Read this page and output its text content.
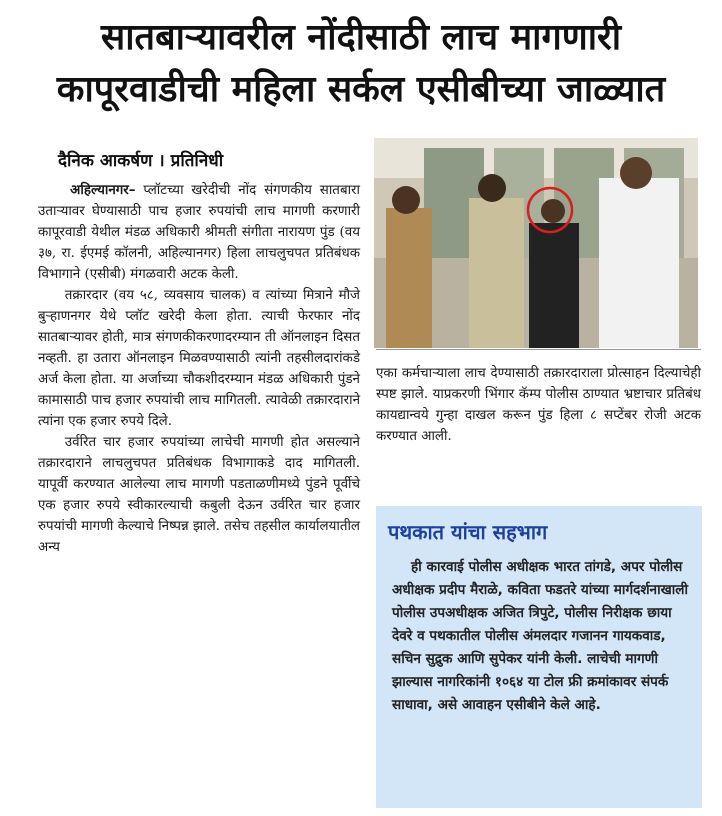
सातबाऱ्यावरील नोंदीसाठी लाच मागणारी
कापूरवाडीची महिला सर्कल एसीबीच्या जाळ्यात
दैनिक आकर्षण । प्रतिनिधी

अहिल्यानगर– प्लॉटच्या खरेदीची नोंद संगणकीय सातबारा उताऱ्यावर घेण्यासाठी पाच हजार रुपयांची लाच मागणी करणारी कापूरवाडी येथील मंडळ अधिकारी श्रीमती संगीता नारायण पुंड (वय ३७, रा. ईएमई कॉलनी, अहिल्यानगर) हिला लाचलुचपत प्रतिबंधक विभागाने (एसीबी) मंगळवारी अटक केली.

तक्रारदार (वय ५८, व्यवसाय चालक) व त्यांच्या मित्राने मौजे बुऱ्हाणनगर येथे प्लॉट खरेदी केला होता. त्याची फेरफार नोंद सातबाऱ्यावर होती, मात्र संगणकीकरणादरम्यान ती ऑनलाइन दिसत नव्हती. हा उतारा ऑनलाइन मिळवण्यासाठी त्यांनी तहसीलदारांकडे अर्ज केला होता. या अर्जाच्या चौकशीदरम्यान मंडळ अधिकारी पुंडने कामासाठी पाच हजार रुपयांची लाच मागितली. त्यावेळी तक्रारदाराने त्यांना एक हजार रुपये दिले.

उर्वरित चार हजार रुपयांच्या लाचेची मागणी होत असल्याने तक्रारदाराने लाचलुचपत प्रतिबंधक विभागाकडे दाद मागितली. यापूर्वी करण्यात आलेल्या लाच मागणी पडताळणीमध्ये पुंडने पूर्वीचे एक हजार रुपये स्वीकारल्याची कबुली देऊन उर्वरित चार हजार रुपयांची मागणी केल्याचे निष्पन्न झाले. तसेच तहसील कार्यालयातील अन्य

एका कर्मचाऱ्याला लाच देण्यासाठी तक्रारदाराला प्रोत्साहन दिल्याचेही स्पष्ट झाले. याप्रकरणी भिंगार कॅम्प पोलीस ठाण्यात भ्रष्टाचार प्रतिबंध कायद्यान्वये गुन्हा दाखल करून पुंड हिला ८ सप्टेंबर रोजी अटक करण्यात आली.

पथकात यांचा सहभाग

ही कारवाई पोलीस अधीक्षक भारत तांगडे, अपर पोलीस अधीक्षक प्रदीप मैराळे, कविता फडतरे यांच्या मार्गदर्शनाखाली पोलीस उपअधीक्षक अजित त्रिपुटे, पोलीस निरीक्षक छाया देवरे व पथकातील पोलीस अंमलदार गजानन गायकवाड, सचिन सुद्रुक आणि सुपेकर यांनी केली. लाचेची मागणी झाल्यास नागरिकांनी १०६४ या टोल फ्री क्रमांकावर संपर्क साधावा, असे आवाहन एसीबीने केले आहे.
